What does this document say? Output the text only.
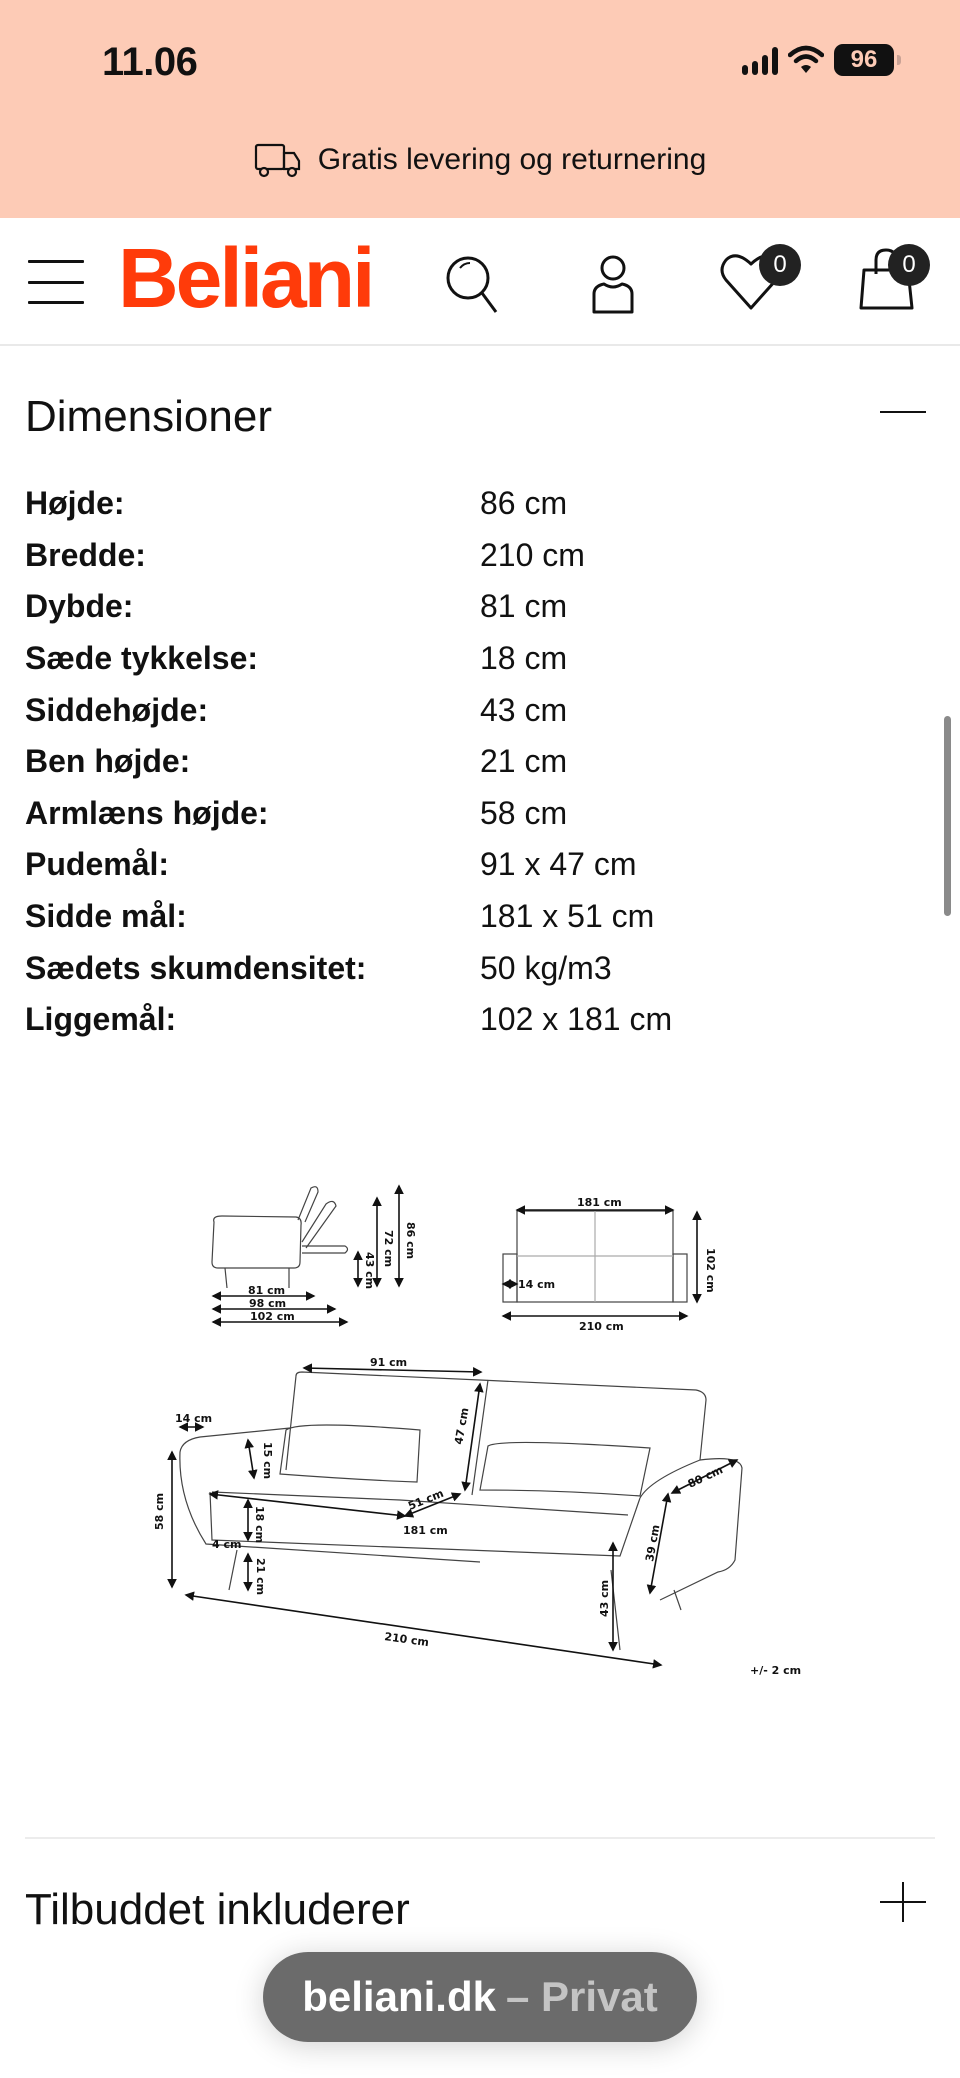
11.06	96
Gratis levering og returnering
Beliani	0	0
Dimensioner
Højde:	86 cm
Bredde:	210 cm
Dybde:	81 cm
Sæde tykkelse:	18 cm
Siddehøjde:	43 cm
Ben højde:	21 cm
Armlæns højde:	58 cm
Pudemål:	91 x 47 cm
Sidde mål:	181 x 51 cm
Sædets skumdensitet:	50 kg/m3
Liggemål:	102 x 181 cm
81 cm
98 cm
102 cm
43 cm
72 cm 86 cm
181 cm
210 cm
14 cm	102 cm
91 cm
47 cm
14 cm
15 cm
58 cm	18 cm
4 cm
21 cm
51 cm
181 cm
210 cm
43 cm
39 cm
80 cm
+/- 2 cm
Tilbuddet inkluderer
beliani.dk – Privat
